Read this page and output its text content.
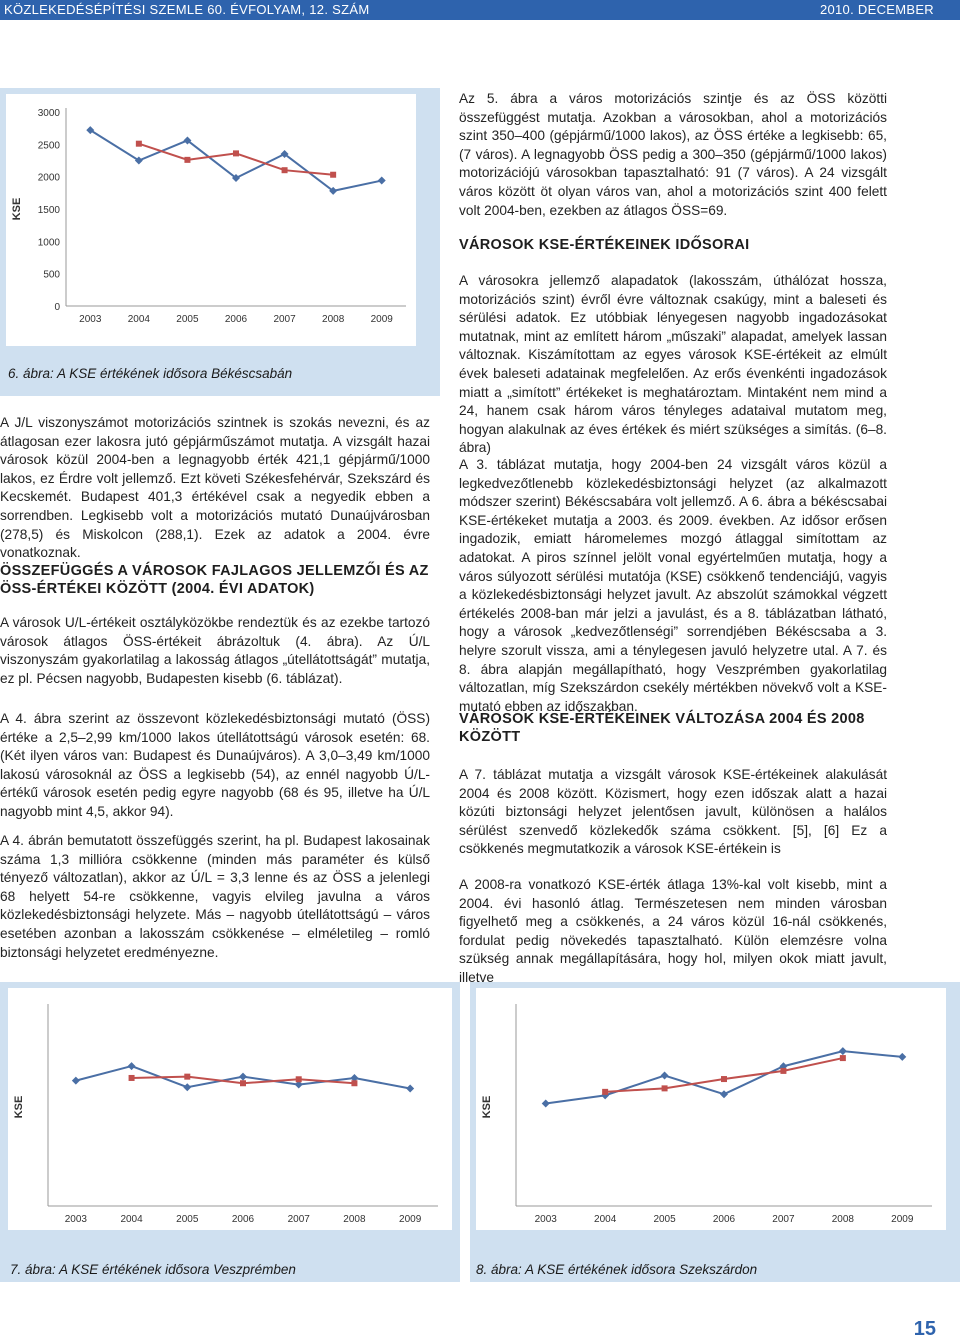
KÖZLEKEDÉSÉPÍTÉSI SZEMLE 60. ÉVFOLYAM, 12. SZÁM	2010. DECEMBER
KSE
0
500
1000
1500
2000
2500
3000
2003	2004	2005	2006	2007	2008	2009
6. ábra: A KSE értékének idősora Békéscsabán
KSE
2003	2004	2005	2006	2007	2008	2009
7. ábra: A KSE értékének idősora Veszprémben
KSE
2003	2004	2005	2006	2007	2008	2009
8. ábra: A KSE értékének idősora Szekszárdon

A J/L viszonyszámot motorizációs szintnek is szokás nevezni, és az átlagosan ezer lakosra jutó gépjárműszámot mutatja. A vizsgált hazai városok közül 2004-ben a legnagyobb érték 421,1 gépjármű/1000 lakos, ez Érdre volt jellemző. Ezt követi Székesfehérvár, Szekszárd és Kecskemét. Budapest 401,3 értékével csak a negyedik ebben a sorrendben. Legkisebb volt a motorizációs mutató Dunaújvárosban (278,5) és Miskolcon (288,1). Ezek az adatok a 2004. évre vonatkoznak.

ÖSSZEFÜGGÉS A VÁROSOK FAJLAGOS JELLEMZŐI ÉS AZ ÖSS-ÉRTÉKEI KÖZÖTT (2004. ÉVI ADATOK)

A városok U/L-értékeit osztályközökbe rendeztük és az ezekbe tartozó városok átlagos ÖSS-értékeit ábrázoltuk (4. ábra). Az Ú/L viszonyszám gyakorlatilag a lakosság átlagos „útellátottságát” mutatja, ez pl. Pécsen nagyobb, Budapesten kisebb (6. táblázat).

A 4. ábra szerint az összevont közlekedésbiztonsági mutató (ÖSS) értéke a 2,5–2,99 km/1000 lakos útellátottságú városok esetén: 68. (Két ilyen város van: Budapest és Dunaújváros). A 3,0–3,49 km/1000 lakosú városoknál az ÖSS a legkisebb (54), az ennél nagyobb Ú/L-értékű városok esetén pedig egyre nagyobb (68 és 95, illetve ha Ú/L nagyobb mint 4,5, akkor 94).

A 4. ábrán bemutatott összefüggés szerint, ha pl. Budapest lakosainak száma 1,3 millióra csökkenne (minden más paraméter és külső tényező változatlan), akkor az Ú/L = 3,3 lenne és az ÖSS a jelenlegi 68 helyett 54-re csökkenne, vagyis elvileg javulna a város közlekedésbiztonsági helyzete. Más – nagyobb útellátottságú – város esetében azonban a lakosszám csökkenése – elméletileg – romló biztonsági helyzetet eredményezne.

Az 5. ábra a város motorizációs szintje és az ÖSS közötti összefüggést mutatja. Azokban a városokban, ahol a motorizációs szint 350–400 (gépjármű/1000 lakos), az ÖSS értéke a legkisebb: 65, (7 város). A legnagyobb ÖSS pedig a 300–350 (gépjármű/1000 lakos) motorizációjú városokban tapasztalható: 91 (7 város). A 24 vizsgált város között öt olyan város van, ahol a motorizációs szint 400 felett volt 2004-ben, ezekben az átlagos ÖSS=69.

VÁROSOK KSE-ÉRTÉKEINEK IDŐSORAI

A városokra jellemző alapadatok (lakosszám, úthálózat hossza, motorizációs szint) évről évre változnak csakúgy, mint a baleseti és sérülési adatok. Ez utóbbiak lényegesen nagyobb ingadozásokat mutatnak, mint az említett három „műszaki” alapadat, amelyek lassan változnak. Kiszámítottam az egyes városok KSE-értékeit az elmúlt évek baleseti adatainak megfelelően. Az erős évenkénti ingadozások miatt a „simított” értékeket is meghatároztam. Mintaként nem mind a 24, hanem csak három város tényleges adataival mutatom meg, hogyan alakulnak az éves értékek és miért szükséges a simítás. (6–8. ábra)

A 3. táblázat mutatja, hogy 2004-ben 24 vizsgált város közül a legkedvezőtlenebb közlekedésbiztonsági helyzet (az alkalmazott módszer szerint) Békéscsabára volt jellemző. A 6. ábra a békéscsabai KSE-értékeket mutatja a 2003. és 2009. években. Az idősor erősen ingadozik, emiatt háromelemes mozgó átlaggal simítottam az adatokat. A piros színnel jelölt vonal egyértelműen mutatja, hogy a város súlyozott sérülési mutatója (KSE) csökkenő tendenciájú, vagyis a közlekedésbiztonsági helyzet javult. Az abszolút számokkal végzett értékelés 2008-ban már jelzi a javulást, és a 8. táblázatban látható, hogy a városok „kedvezőtlenségi” sorrendjében Békéscsaba a 3. helyre szorult vissza, ami a ténylegesen javuló helyzetre utal. A 7. és 8. ábra alapján megállapítható, hogy Veszprémben gyakorlatilag változatlan, míg Szekszárdon csekély mértékben növekvő volt a KSE-mutató ebben az időszakban.

VÁROSOK KSE-ÉRTÉKEINEK VÁLTOZÁSA 2004 ÉS 2008 KÖZÖTT

A 7. táblázat mutatja a vizsgált városok KSE-értékeinek alakulását 2004 és 2008 között. Közismert, hogy ezen időszak alatt a hazai közúti biztonsági helyzet jelentősen javult, különösen a halálos sérülést szenvedő közlekedők száma csökkent. [5], [6] Ez a csökkenés megmutatkozik a városok KSE-értékein is

A 2008-ra vonatkozó KSE-érték átlaga 13%-kal volt kisebb, mint a 2004. évi hasonló átlag. Természetesen nem minden városban figyelhető meg a csökkenés, a 24 város közül 16-nál csökkenés, fordulat pedig növekedés tapasztalható. Külön elemzésre volna szükség annak megállapítására, hogy hol, milyen okok miatt javult, illetve

15
